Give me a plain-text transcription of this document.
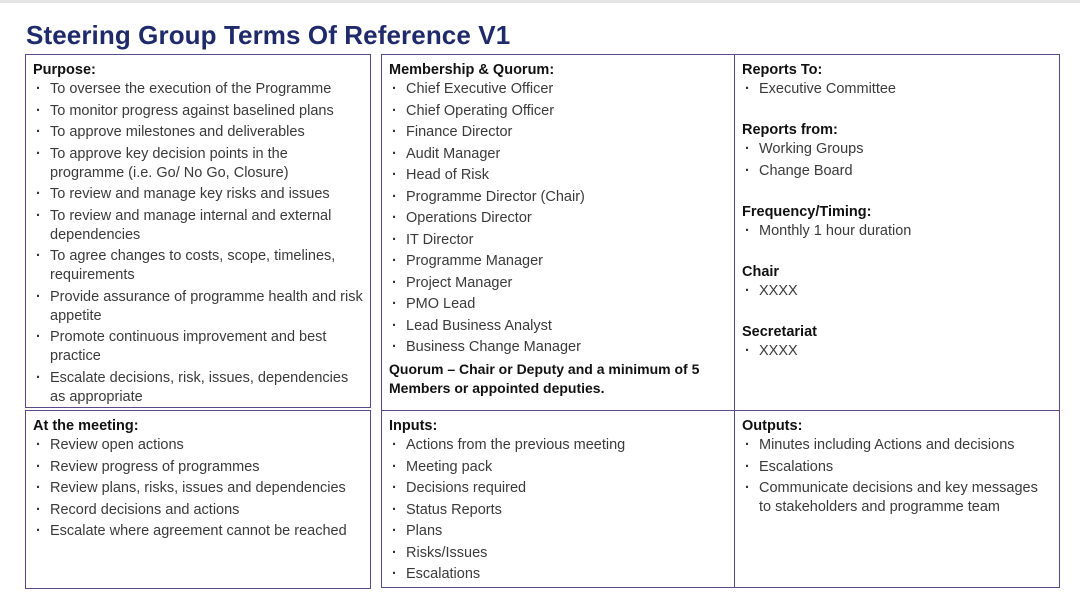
Steering Group Terms Of Reference V1
Purpose:
· To oversee the execution of the Programme
· To monitor progress against baselined plans
· To approve milestones and deliverables
· To approve key decision points in the programme (i.e. Go/ No Go, Closure)
· To review and manage key risks and issues
· To review and manage internal and external dependencies
· To agree changes to costs, scope, timelines, requirements
· Provide assurance of programme health and risk appetite
· Promote continuous improvement and best practice
· Escalate decisions, risk, issues, dependencies as appropriate
Membership & Quorum:
· Chief Executive Officer
· Chief Operating Officer
· Finance Director
· Audit Manager
· Head of Risk
· Programme Director (Chair)
· Operations Director
· IT Director
· Programme Manager
· Project Manager
· PMO Lead
· Lead Business Analyst
· Business Change Manager
Quorum – Chair or Deputy and a minimum of 5 Members or appointed deputies.
Reports To:
· Executive Committee
Reports from:
· Working Groups
· Change Board
Frequency/Timing:
· Monthly 1 hour duration
Chair
· XXXX
Secretariat
· XXXX
At the meeting:
· Review open actions
· Review progress of programmes
· Review plans, risks, issues and dependencies
· Record decisions and actions
· Escalate where agreement cannot be reached
Inputs:
· Actions from the previous meeting
· Meeting pack
· Decisions required
· Status Reports
· Plans
· Risks/Issues
· Escalations
Outputs:
· Minutes including Actions and decisions
· Escalations
· Communicate decisions and key messages to stakeholders and programme team
